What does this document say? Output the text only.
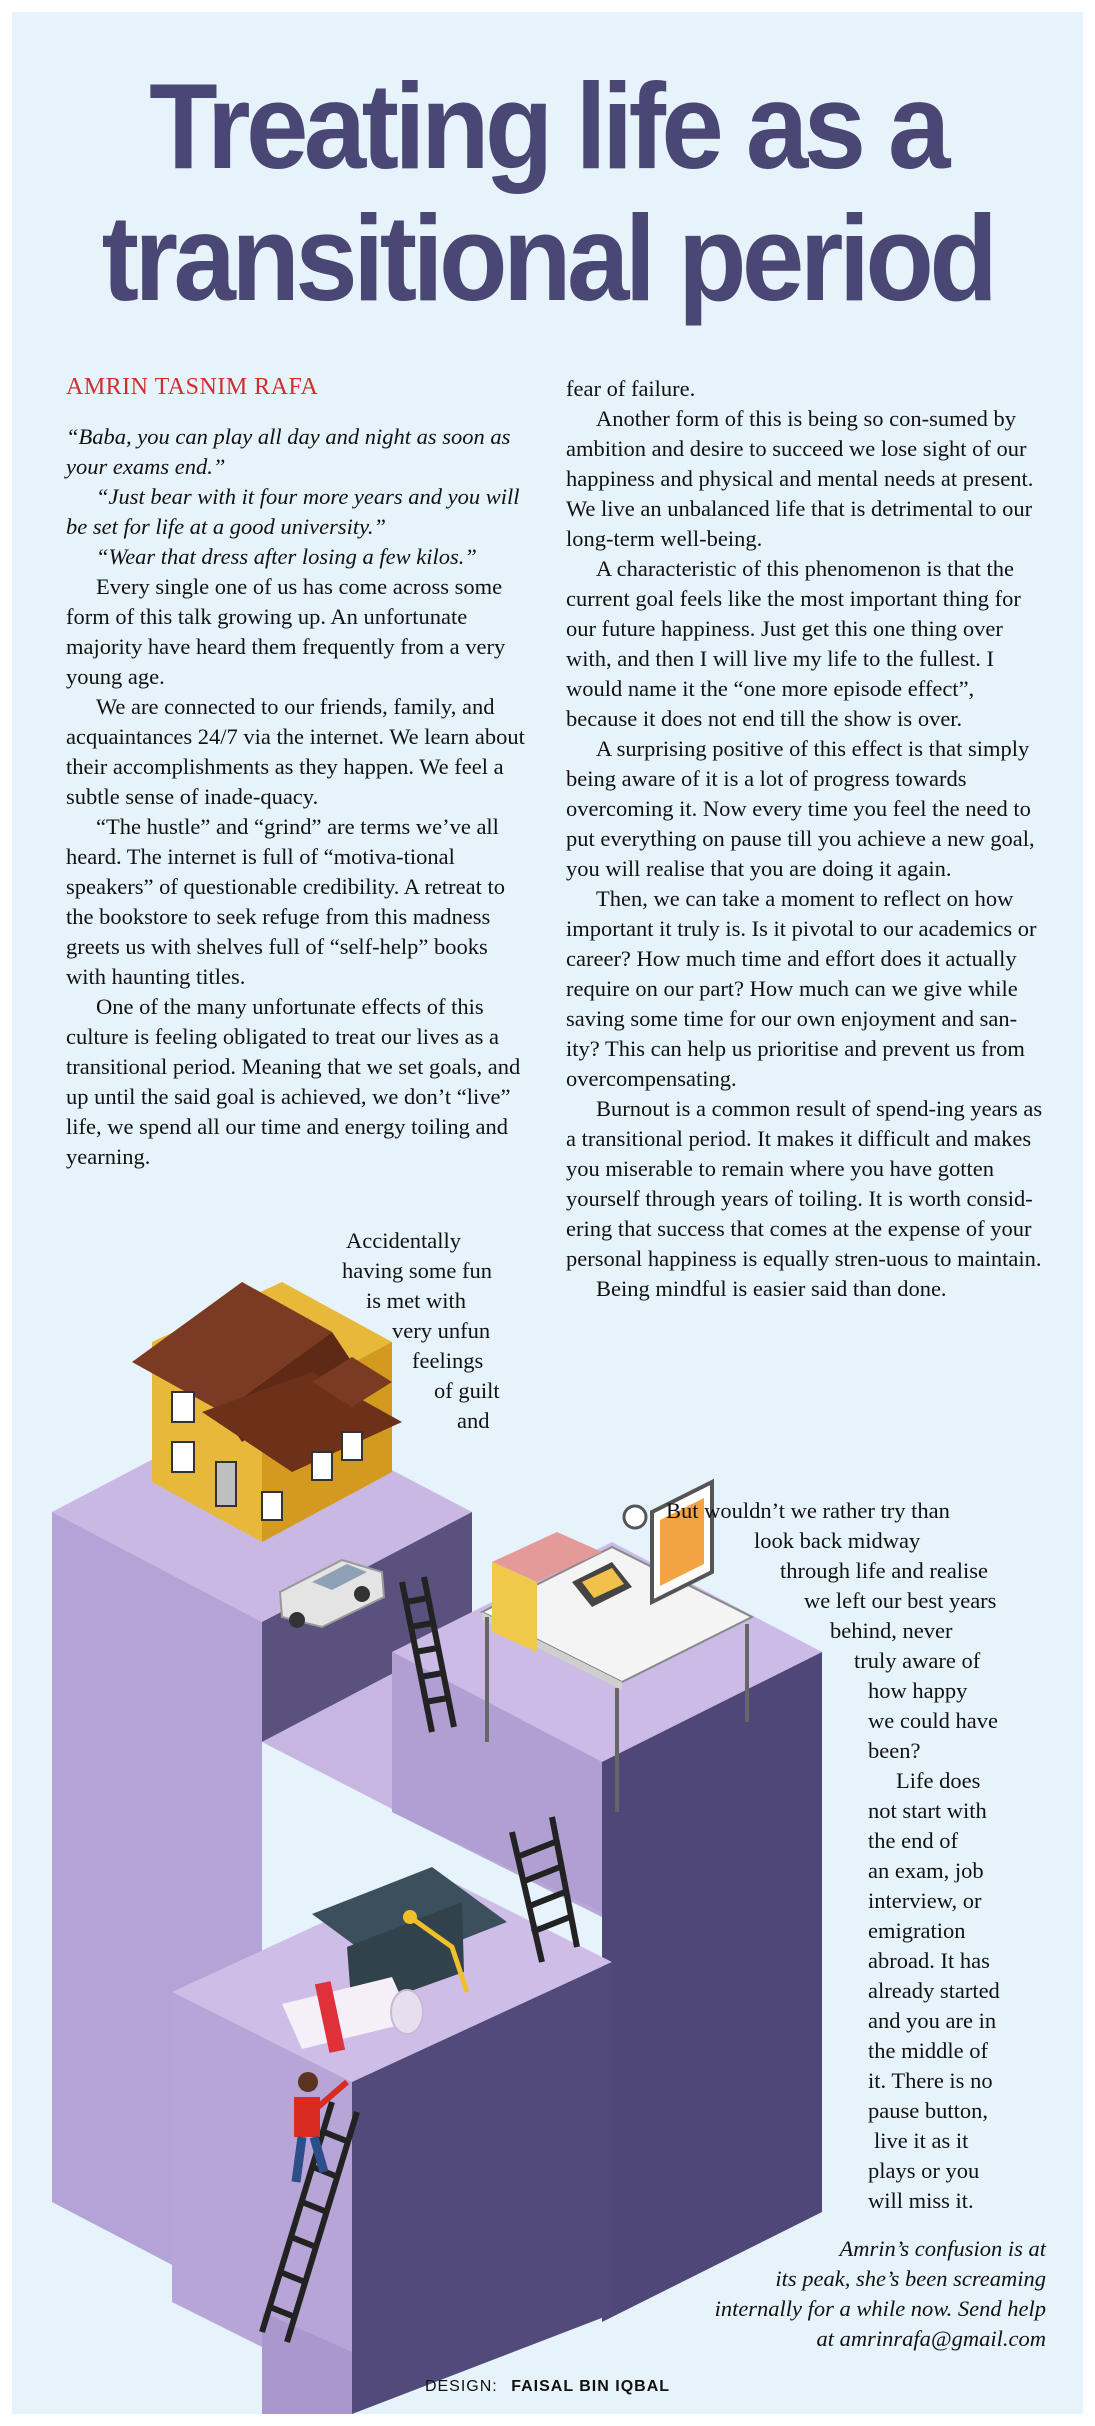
Treating life as a
transitional period
AMRIN TASNIM RAFA

“Baba, you can play all day and night as soon as your exams end.”

“Just bear with it four more years and you will be set for life at a good university.”

“Wear that dress after losing a few kilos.”

Every single one of us has come across some form of this talk growing up. An unfortunate majority have heard them frequently from a very young age.

We are connected to our friends, family, and acquaintances 24/7 via the internet. We learn about their accomplishments as they happen. We feel a subtle sense of inade-quacy.

“The hustle” and “grind” are terms we’ve all heard. The internet is full of “motiva-tional speakers” of questionable credibility. A retreat to the bookstore to seek refuge from this madness greets us with shelves full of “self-help” books with haunting titles.

One of the many unfortunate effects of this culture is feeling obligated to treat our lives as a transitional period. Meaning that we set goals, and up until the said goal is achieved, we don’t “live” life, we spend all our time and energy toiling and yearning.

Accidentally
having some fun
is met with
very unfun
feelings
of guilt
and

fear of failure.

Another form of this is being so con-sumed by ambition and desire to succeed we lose sight of our happiness and physical and mental needs at present. We live an unbalanced life that is detrimental to our long-term well-being.

A characteristic of this phenomenon is that the current goal feels like the most important thing for our future happiness. Just get this one thing over with, and then I will live my life to the fullest. I would name it the “one more episode effect”, because it does not end till the show is over.

A surprising positive of this effect is that simply being aware of it is a lot of progress towards overcoming it. Now every time you feel the need to put everything on pause till you achieve a new goal, you will realise that you are doing it again.

Then, we can take a moment to reflect on how important it truly is. Is it pivotal to our academics or career? How much time and effort does it actually require on our part? How much can we give while saving some time for our own enjoyment and san-ity? This can help us prioritise and prevent us from overcompensating.

Burnout is a common result of spend-ing years as a transitional period. It makes it difficult and makes you miserable to remain where you have gotten yourself through years of toiling. It is worth consid-ering that success that comes at the expense of your personal happiness is equally stren-uous to maintain.

Being mindful is easier said than done.

But wouldn’t we rather try than
look back midway
through life and realise
we left our best years
behind, never
truly aware of
how happy
we could have
been?
Life does
not start with
the end of
an exam, job
interview, or
emigration
abroad. It has
already started
and you are in
the middle of
it. There is no
pause button,
live it as it
plays or you
will miss it.
Amrin’s confusion is at
its peak, she’s been screaming
internally for a while now. Send help
at amrinrafa@gmail.com
DESIGN: FAISAL BIN IQBAL
